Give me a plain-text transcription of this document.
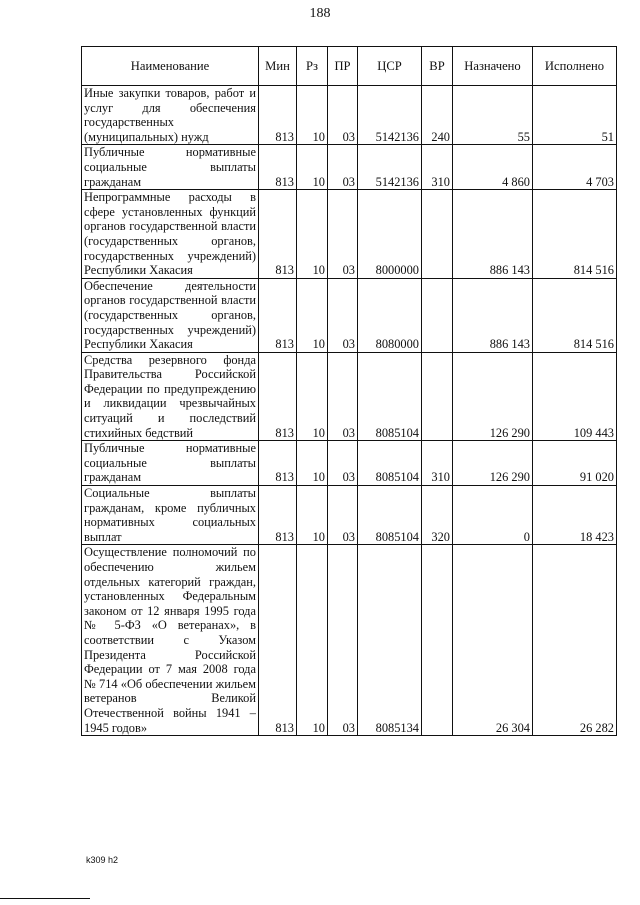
188
Наименование	Мин	Рз	ПР	ЦСР	ВР	Назначено	Исполнено
Иные закупки товаров, работ и услуг для обеспечения государственных (муниципальных) нужд	813	10	03	5142136	240	55	51
Публичные нормативные социальные выплаты гражданам	813	10	03	5142136	310	4 860	4 703
Непрограммные расходы в сфере установленных функций органов государственной власти (государственных органов, государственных учреждений) Республики Хакасия	813	10	03	8000000		886 143	814 516
Обеспечение деятельности органов государственной власти (государственных органов, государственных учреждений) Республики Хакасия	813	10	03	8080000		886 143	814 516
Средства резервного фонда Правительства Российской Федерации по предупреждению и ликвидации чрезвычайных ситуаций и последствий стихийных бедствий	813	10	03	8085104		126 290	109 443
Публичные нормативные социальные выплаты гражданам	813	10	03	8085104	310	126 290	91 020
Социальные выплаты гражданам, кроме публичных нормативных социальных выплат	813	10	03	8085104	320	0	18 423
Осуществление полномочий по обеспечению жильем отдельных категорий граждан, установленных Федеральным законом от 12 января 1995 года № 5-ФЗ «О ветеранах», в соответствии с Указом Президента Российской Федерации от 7 мая 2008 года № 714 «Об обеспечении жильем ветеранов Великой Отечественной войны 1941 – 1945 годов»	813	10	03	8085134		26 304	26 282
k309 h2
